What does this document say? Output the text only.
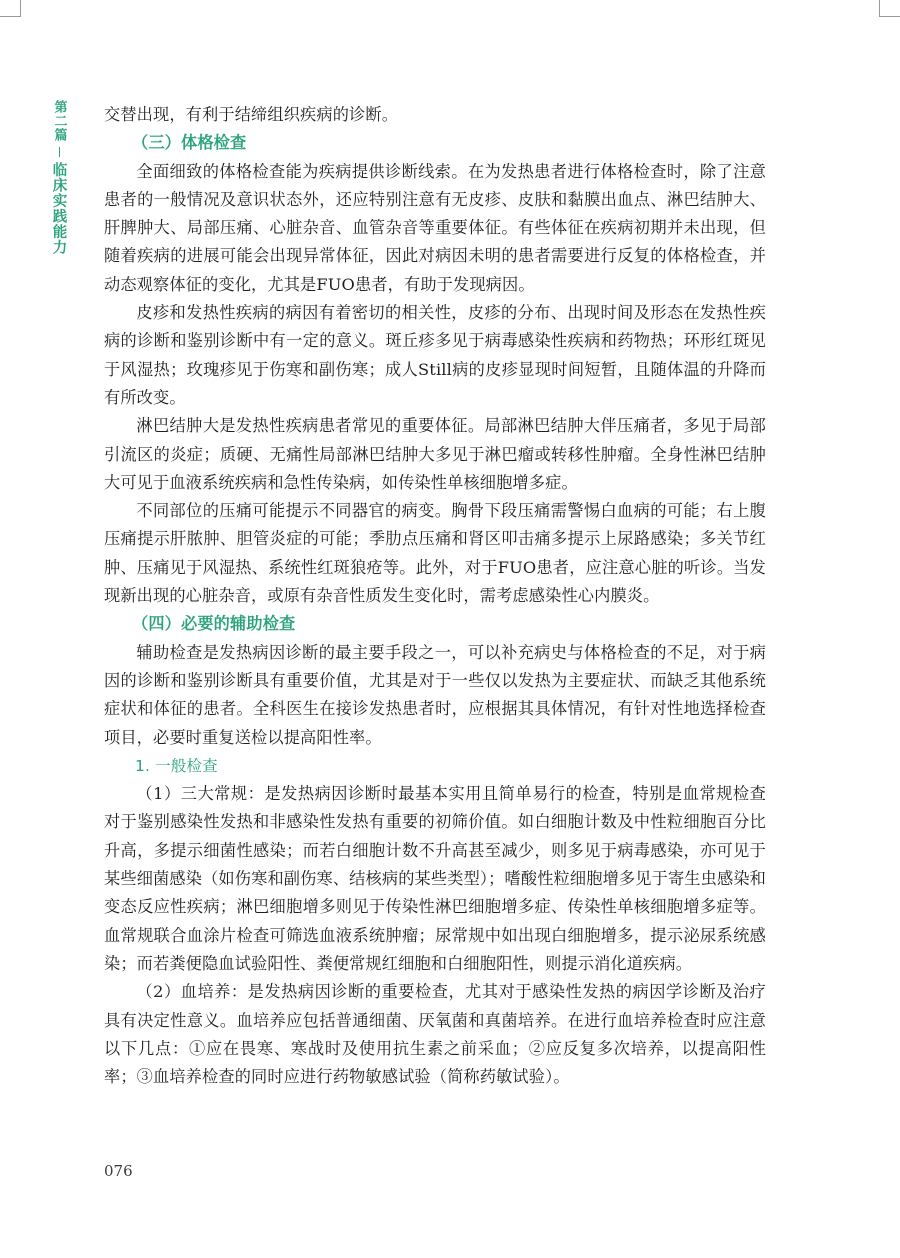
第二篇
临床实践能力

交替出现，有利于结缔组织疾病的诊断。

（三）体格检查

全面细致的体格检查能为疾病提供诊断线索。在为发热患者进行体格检查时，除了注意患者的一般情况及意识状态外，还应特别注意有无皮疹、皮肤和黏膜出血点、淋巴结肿大、肝脾肿大、局部压痛、心脏杂音、血管杂音等重要体征。有些体征在疾病初期并未出现，但随着疾病的进展可能会出现异常体征，因此对病因未明的患者需要进行反复的体格检查，并动态观察体征的变化，尤其是FUO患者，有助于发现病因。

皮疹和发热性疾病的病因有着密切的相关性，皮疹的分布、出现时间及形态在发热性疾病的诊断和鉴别诊断中有一定的意义。斑丘疹多见于病毒感染性疾病和药物热；环形红斑见于风湿热；玫瑰疹见于伤寒和副伤寒；成人Still病的皮疹显现时间短暂，且随体温的升降而有所改变。

淋巴结肿大是发热性疾病患者常见的重要体征。局部淋巴结肿大伴压痛者，多见于局部引流区的炎症；质硬、无痛性局部淋巴结肿大多见于淋巴瘤或转移性肿瘤。全身性淋巴结肿大可见于血液系统疾病和急性传染病，如传染性单核细胞增多症。

不同部位的压痛可能提示不同器官的病变。胸骨下段压痛需警惕白血病的可能；右上腹压痛提示肝脓肿、胆管炎症的可能；季肋点压痛和肾区叩击痛多提示上尿路感染；多关节红肿、压痛见于风湿热、系统性红斑狼疮等。此外，对于FUO患者，应注意心脏的听诊。当发现新出现的心脏杂音，或原有杂音性质发生变化时，需考虑感染性心内膜炎。

（四）必要的辅助检查

辅助检查是发热病因诊断的最主要手段之一，可以补充病史与体格检查的不足，对于病因的诊断和鉴别诊断具有重要价值，尤其是对于一些仅以发热为主要症状、而缺乏其他系统症状和体征的患者。全科医生在接诊发热患者时，应根据其具体情况，有针对性地选择检查项目，必要时重复送检以提高阳性率。

1. 一般检查

（1）三大常规：是发热病因诊断时最基本实用且简单易行的检查，特别是血常规检查对于鉴别感染性发热和非感染性发热有重要的初筛价值。如白细胞计数及中性粒细胞百分比升高，多提示细菌性感染；而若白细胞计数不升高甚至减少，则多见于病毒感染，亦可见于某些细菌感染（如伤寒和副伤寒、结核病的某些类型）；嗜酸性粒细胞增多见于寄生虫感染和变态反应性疾病；淋巴细胞增多则见于传染性淋巴细胞增多症、传染性单核细胞增多症等。血常规联合血涂片检查可筛选血液系统肿瘤；尿常规中如出现白细胞增多，提示泌尿系统感染；而若粪便隐血试验阳性、粪便常规红细胞和白细胞阳性，则提示消化道疾病。

（2）血培养：是发热病因诊断的重要检查，尤其对于感染性发热的病因学诊断及治疗具有决定性意义。血培养应包括普通细菌、厌氧菌和真菌培养。在进行血培养检查时应注意以下几点：①应在畏寒、寒战时及使用抗生素之前采血；②应反复多次培养，以提高阳性率；③血培养检查的同时应进行药物敏感试验（简称药敏试验）。

076
